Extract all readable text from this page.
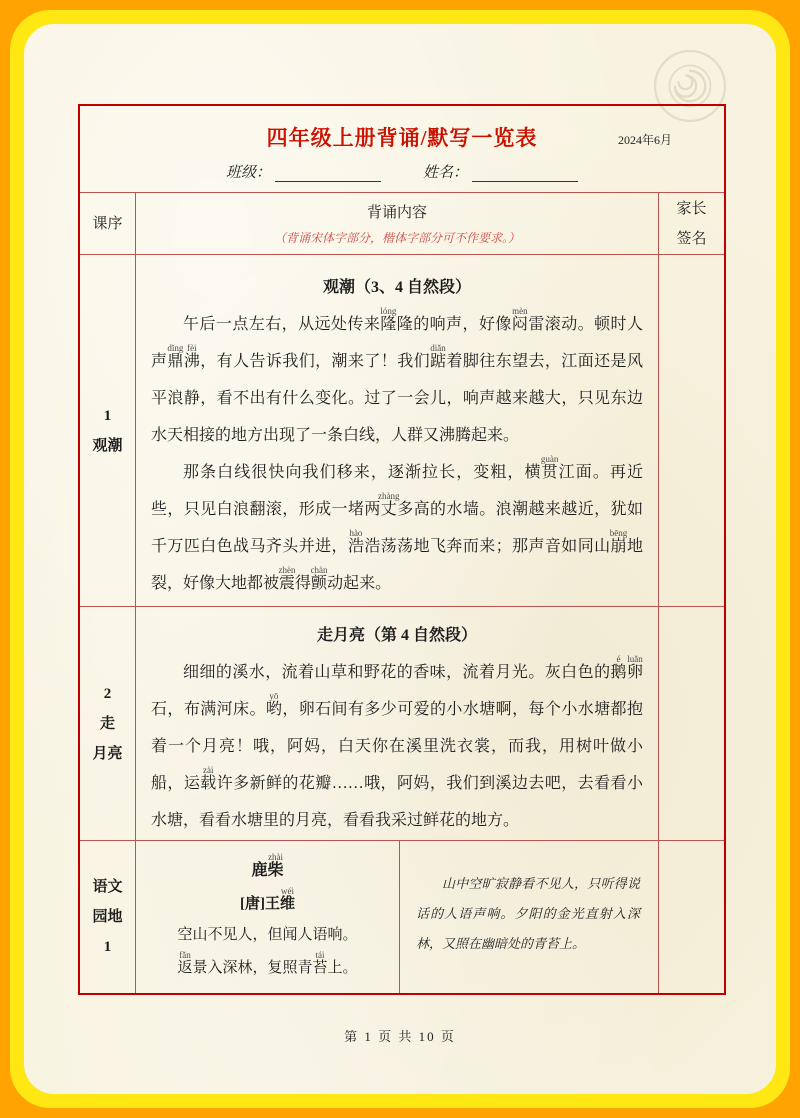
四年级上册背诵/默写一览表	2024年6月
班级：	姓名：
课序
背诵内容
（背诵宋体字部分，楷体字部分可不作要求。）
家长
签名
1
观潮
观潮（3、4 自然段）

午后一点左右，从远处传来隆lóng隆的响声，好像闷mèn雷滚动。顿时人声鼎dǐng沸fèi，有人告诉我们，潮来了！我们踮diǎn着脚往东望去，江面还是风平浪静，看不出有什么变化。过了一会儿，响声越来越大，只见东边水天相接的地方出现了一条白线，人群又沸腾起来。

那条白线很快向我们移来，逐渐拉长，变粗，横贯guàn江面。再近些，只见白浪翻滚，形成一堵两丈zhàng多高的水墙。浪潮越来越近，犹如千万匹白色战马齐头并进，浩hào浩荡荡地飞奔而来；那声音如同山崩bēng地裂，好像大地都被震zhèn得颤chàn动起来。

2
走
月亮
走月亮（第 4 自然段）

细细的溪水，流着山草和野花的香味，流着月光。灰白色的鹅é卵luǎn石，布满河床。哟yō，卵石间有多少可爱的小水塘啊，每个小水塘都抱着一个月亮！哦，阿妈，白天你在溪里洗衣裳，而我，用树叶做小船，运载zài许多新鲜的花瓣……哦，阿妈，我们到溪边去吧，去看看小水塘，看看水塘里的月亮，看看我采过鲜花的地方。

语文
园地
1
鹿柴zhài
[唐]王维wéi
空山不见人，但闻人语响。
返fǎn景入深林，复照青苔tái上。

山中空旷寂静看不见人，只听得说话的人语声响。夕阳的金光直射入深林，又照在幽暗处的青苔上。

第 1 页 共 10 页
